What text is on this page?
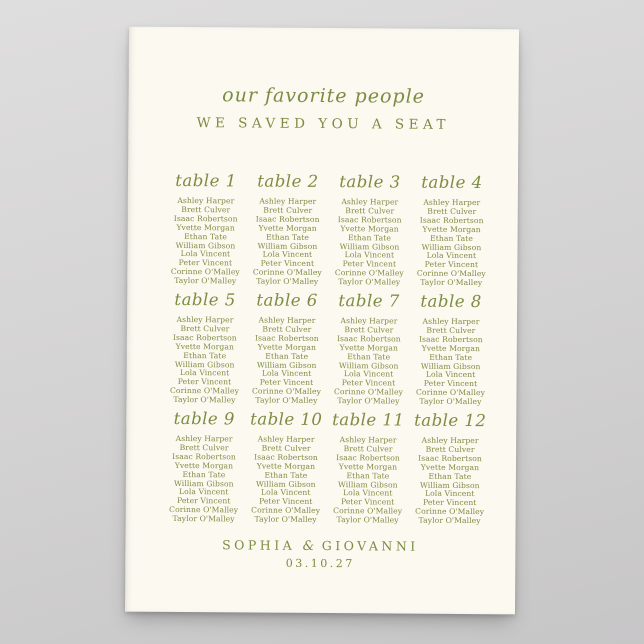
our favorite people
WE SAVED YOU A SEAT
table 1
Ashley Harper
Brett Culver
Isaac Robertson
Yvette Morgan
Ethan Tate
William Gibson
Lola Vincent
Peter Vincent
Corinne O'Malley
Taylor O'Malley
table 2
Ashley Harper
Brett Culver
Isaac Robertson
Yvette Morgan
Ethan Tate
William Gibson
Lola Vincent
Peter Vincent
Corinne O'Malley
Taylor O'Malley
table 3
Ashley Harper
Brett Culver
Isaac Robertson
Yvette Morgan
Ethan Tate
William Gibson
Lola Vincent
Peter Vincent
Corinne O'Malley
Taylor O'Malley
table 4
Ashley Harper
Brett Culver
Isaac Robertson
Yvette Morgan
Ethan Tate
William Gibson
Lola Vincent
Peter Vincent
Corinne O'Malley
Taylor O'Malley
table 5
Ashley Harper
Brett Culver
Isaac Robertson
Yvette Morgan
Ethan Tate
William Gibson
Lola Vincent
Peter Vincent
Corinne O'Malley
Taylor O'Malley
table 6
Ashley Harper
Brett Culver
Isaac Robertson
Yvette Morgan
Ethan Tate
William Gibson
Lola Vincent
Peter Vincent
Corinne O'Malley
Taylor O'Malley
table 7
Ashley Harper
Brett Culver
Isaac Robertson
Yvette Morgan
Ethan Tate
William Gibson
Lola Vincent
Peter Vincent
Corinne O'Malley
Taylor O'Malley
table 8
Ashley Harper
Brett Culver
Isaac Robertson
Yvette Morgan
Ethan Tate
William Gibson
Lola Vincent
Peter Vincent
Corinne O'Malley
Taylor O'Malley
table 9
Ashley Harper
Brett Culver
Isaac Robertson
Yvette Morgan
Ethan Tate
William Gibson
Lola Vincent
Peter Vincent
Corinne O'Malley
Taylor O'Malley
table 10
Ashley Harper
Brett Culver
Isaac Robertson
Yvette Morgan
Ethan Tate
William Gibson
Lola Vincent
Peter Vincent
Corinne O'Malley
Taylor O'Malley
table 11
Ashley Harper
Brett Culver
Isaac Robertson
Yvette Morgan
Ethan Tate
William Gibson
Lola Vincent
Peter Vincent
Corinne O'Malley
Taylor O'Malley
table 12
Ashley Harper
Brett Culver
Isaac Robertson
Yvette Morgan
Ethan Tate
William Gibson
Lola Vincent
Peter Vincent
Corinne O'Malley
Taylor O'Malley
SOPHIA & GIOVANNI
03.10.27
